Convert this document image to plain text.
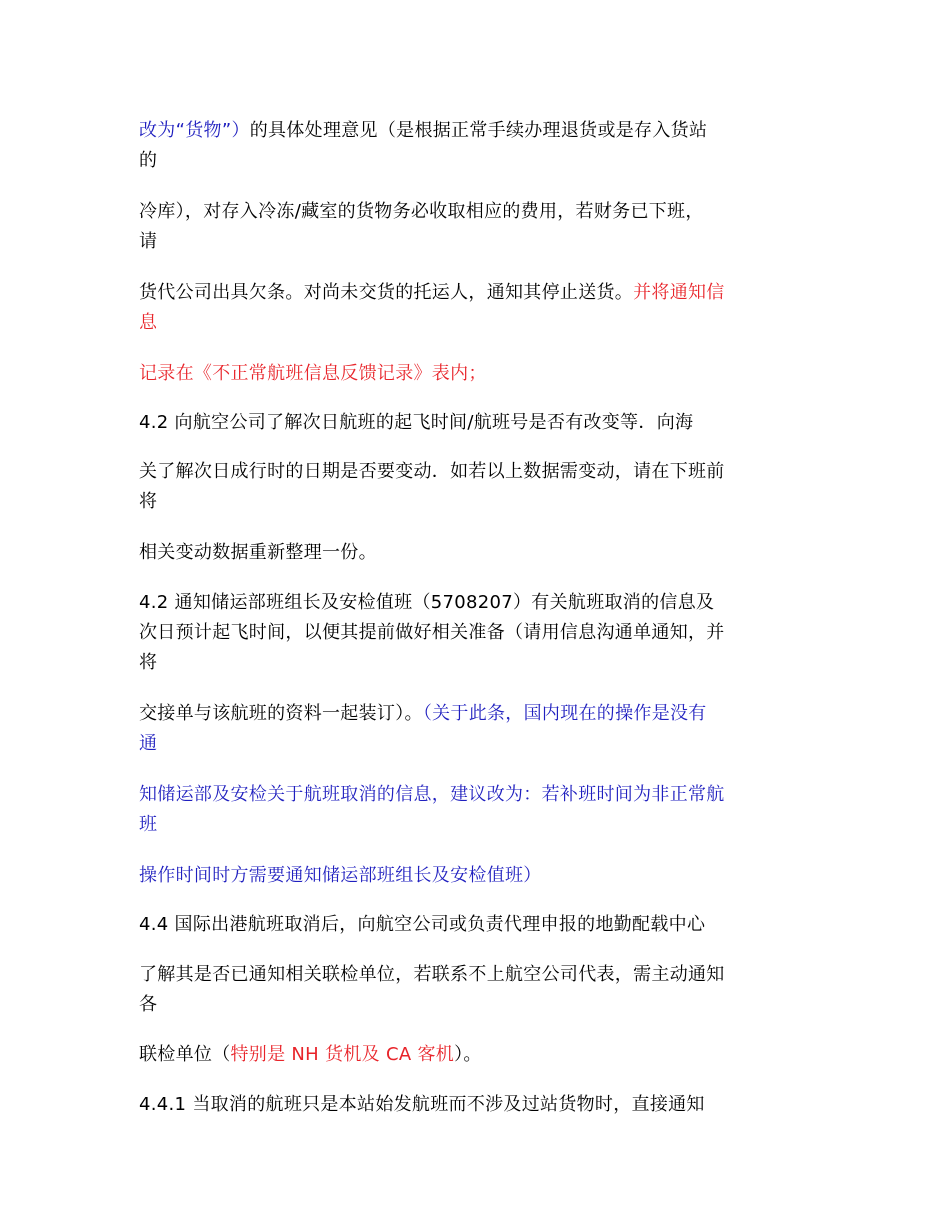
改为“货物”）的具体处理意见（是根据正常手续办理退货或是存入货站
的
冷库），对存入冷冻/藏室的货物务必收取相应的费用，若财务已下班，
请
货代公司出具欠条。对尚未交货的托运人，通知其停止送货。并将通知信
息
记录在《不正常航班信息反馈记录》表内；
4.2 向航空公司了解次日航班的起飞时间/航班号是否有改变等．向海
关了解次日成行时的日期是否要变动．如若以上数据需变动，请在下班前
将
相关变动数据重新整理一份。
4.2 通知储运部班组长及安检值班（5708207）有关航班取消的信息及
次日预计起飞时间，以便其提前做好相关准备（请用信息沟通单通知，并
将
交接单与该航班的资料一起装订）。（关于此条，国内现在的操作是没有
通
知储运部及安检关于航班取消的信息，建议改为：若补班时间为非正常航
班
操作时间时方需要通知储运部班组长及安检值班）
4.4 国际出港航班取消后，向航空公司或负责代理申报的地勤配载中心
了解其是否已通知相关联检单位，若联系不上航空公司代表，需主动通知
各
联检单位（特别是 NH 货机及 CA 客机）。
4.4.1 当取消的航班只是本站始发航班而不涉及过站货物时，直接通知
